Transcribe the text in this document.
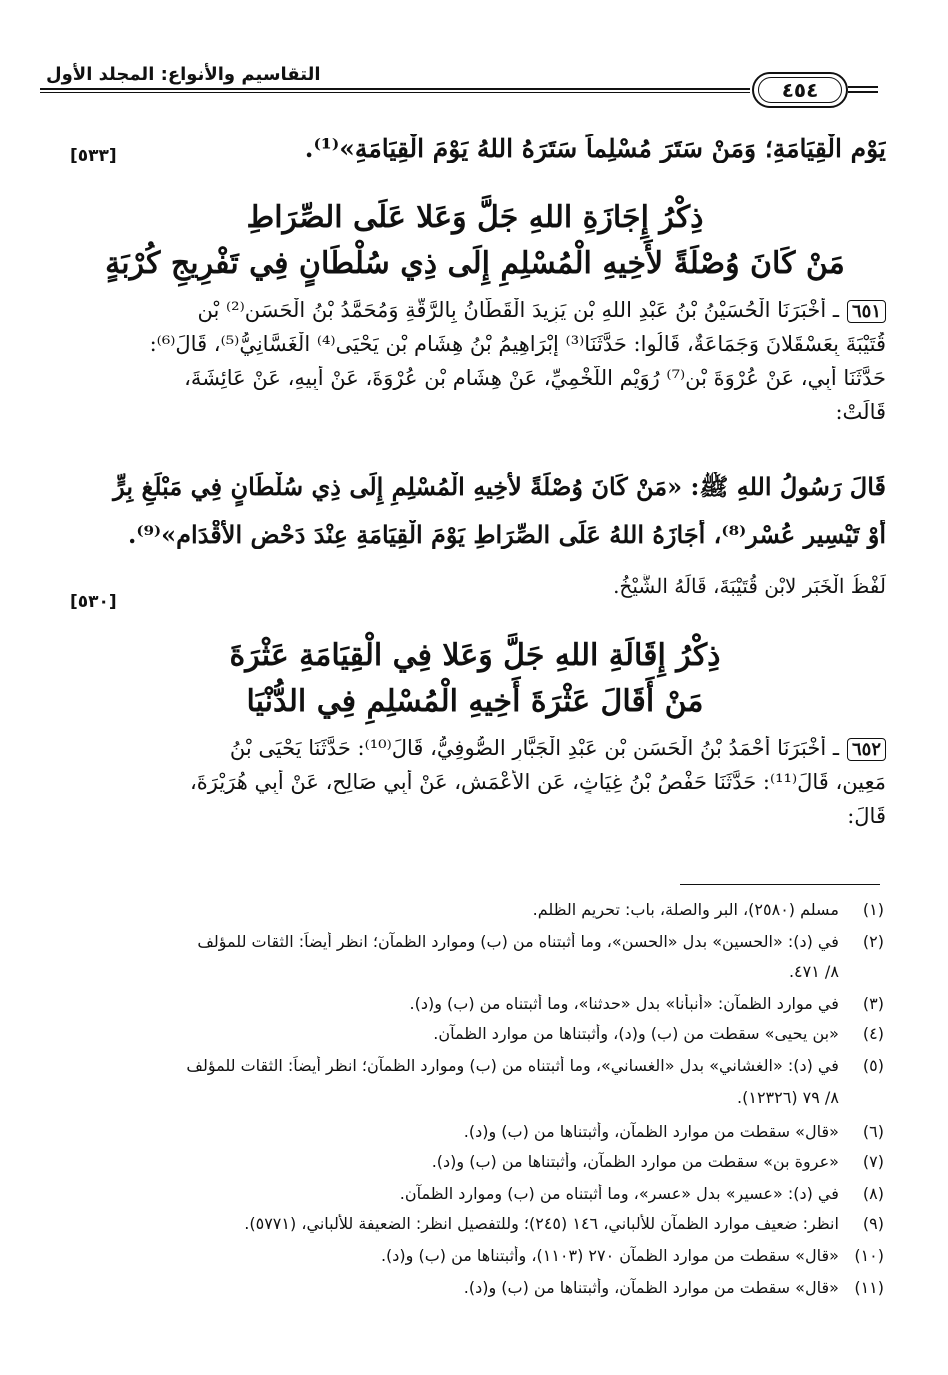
التقاسيم والأنواع: المجلد الأول
٤٥٤
يَوْمِ الْقِيَامَةِ؛ وَمَنْ سَتَرَ مُسْلِماً سَتَرَهُ اللهُ يَوْمَ الْقِيَامَةِ»⁽¹⁾.
[٥٣٣]
ذِكْرُ إِجَازَةِ اللهِ جَلَّ وَعَلا عَلَى الصِّرَاطِ
مَنْ كَانَ وُصْلَةً لأَخِيهِ الْمُسْلِمِ إِلَى ذِي سُلْطَانٍ فِي تَفْرِيجِ كُرْبَةٍ
٦٥١ـ أَخْبَرَنَا الْحُسَيْنُ بْنُ عَبْدِ اللهِ بْنِ يَزِيدَ الْقَطَّانُ بِالرَّقَّةِ وَمُحَمَّدُ بْنُ الْحَسَنِ⁽²⁾ بْن
قُتَيْبَةَ بِعَسْقَلانَ وَجَمَاعَةٌ، قَالُوا: حَدَّثَنَا⁽³⁾ إِبْرَاهِيمُ بْنُ هِشَامِ بْنِ يَحْيَى⁽⁴⁾ الْغَسَّانِيُّ⁽⁵⁾، قَالَ⁽⁶⁾:
حَدَّثَنَا أَبِي، عَنْ عُرْوَةَ بْنِ⁽⁷⁾ رُوَيْمٍ اللَّخْمِيِّ، عَنْ هِشَامِ بْنِ عُرْوَةَ، عَنْ أَبِيهِ، عَنْ عَائِشَةَ،
قَالَتْ:
قَالَ رَسُولُ اللهِ ﷺ: «مَنْ كَانَ وُصْلَةً لأَخِيهِ الْمُسْلِمِ إِلَى ذِي سُلْطَانٍ فِي مَبْلَغِ بِرٍّ
أَوْ تَيْسِيرِ عُسْرٍ⁽⁸⁾، أَجَازَهُ اللهُ عَلَى الصِّرَاطِ يَوْمَ الْقِيَامَةِ عِنْدَ دَحْضِ الأَقْدَامِ»⁽⁹⁾.
لَفْظُ الْخَبَرِ لابْنِ قُتَيْبَةَ، قَالَهُ الشَّيْخُ.
[٥٣٠]
ذِكْرُ إِقَالَةِ اللهِ جَلَّ وَعَلا فِي الْقِيَامَةِ عَثْرَةَ
مَنْ أَقَالَ عَثْرَةَ أَخِيهِ الْمُسْلِمِ فِي الدُّنْيَا
٦٥٢ـ أَخْبَرَنَا أَحْمَدُ بْنُ الْحَسَنِ بْنِ عَبْدِ الْجَبَّارِ الصُّوفِيُّ، قَالَ⁽¹⁰⁾: حَدَّثَنَا يَحْيَى بْنُ
مَعِينٍ، قَالَ⁽¹¹⁾: حَدَّثَنَا حَفْصُ بْنُ غِيَاثٍ، عَنِ الأَعْمَشِ، عَنْ أَبِي صَالِحٍ، عَنْ أَبِي هُرَيْرَةَ،
قَالَ:
(١) مسلم (٢٥٨٠)، البر والصلة، باب: تحريم الظلم.
(٢) في (د): «الحسين» بدل «الحسن»، وما أثبتناه من (ب) وموارد الظمآن؛ انظر أيضاً: الثقات للمؤلف
٨/ ٤٧١.
(٣) في موارد الظمآن: «أنبأنا» بدل «حدثنا»، وما أثبتناه من (ب) و(د).
(٤) «بن يحيى» سقطت من (ب) و(د)، وأثبتناها من موارد الظمآن.
(٥) في (د): «الغشاني» بدل «الغساني»، وما أثبتناه من (ب) وموارد الظمآن؛ انظر أيضاً: الثقات للمؤلف
٨/ ٧٩ (١٢٣٢٦).
(٦) «قال» سقطت من موارد الظمآن، وأثبتناها من (ب) و(د).
(٧) «عروة بن» سقطت من موارد الظمآن، وأثبتناها من (ب) و(د).
(٨) في (د): «عسير» بدل «عسر»، وما أثبتناه من (ب) وموارد الظمآن.
(٩) انظر: ضعيف موارد الظمآن للألباني، ١٤٦ (٢٤٥)؛ وللتفصيل انظر: الضعيفة للألباني، (٥٧٧١).
(١٠) «قال» سقطت من موارد الظمآن ٢٧٠ (١١٠٣)، وأثبتناها من (ب) و(د).
(١١) «قال» سقطت من موارد الظمآن، وأثبتناها من (ب) و(د).
